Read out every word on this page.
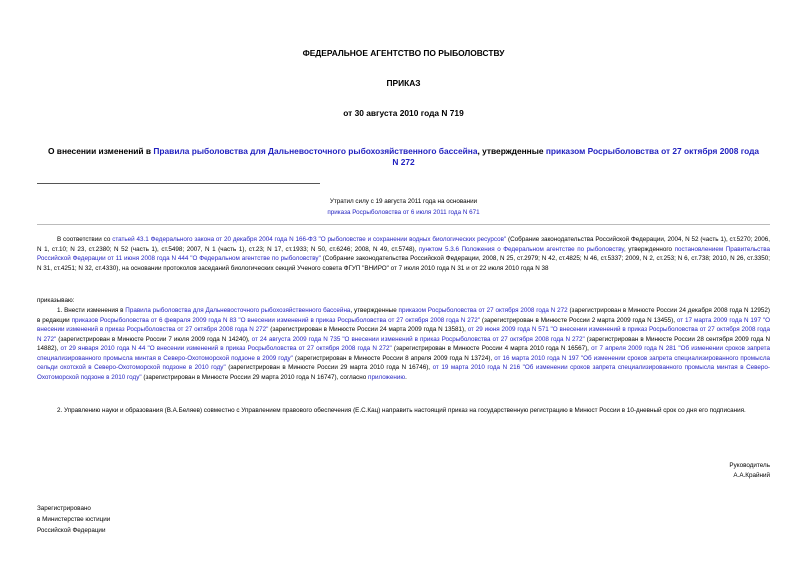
ФЕДЕРАЛЬНОЕ АГЕНТСТВО ПО РЫБОЛОВСТВУ
ПРИКАЗ
от 30 августа 2010 года N 719
О внесении изменений в Правила рыболовства для Дальневосточного рыбохозяйственного бассейна, утвержденные приказом Росрыболовства от 27 октября 2008 года N 272
Утратил силу с 19 августа 2011 года на основании
приказа Росрыболовства от 6 июля 2011 года N 671
В соответствии со статьей 43.1 Федерального закона от 20 декабря 2004 года N 166-ФЗ "О рыболовстве и сохранении водных биологических ресурсов" (Собрание законодательства Российской Федерации, 2004, N 52 (часть 1), ст.5270; 2006, N 1, ст.10; N 23, ст.2380; N 52 (часть 1), ст.5498; 2007, N 1 (часть 1), ст.23; N 17, ст.1933; N 50, ст.6246; 2008, N 49, ст.5748), пунктом 5.3.6 Положения о Федеральном агентстве по рыболовству, утвержденного постановлением Правительства Российской Федерации от 11 июня 2008 года N 444 "О Федеральном агентстве по рыболовству" (Собрание законодательства Российской Федерации, 2008, N 25, ст.2979; N 42, ст.4825; N 46, ст.5337; 2009, N 2, ст.253; N 6, ст.738; 2010, N 26, ст.3350; N 31, ст.4251; N 32, ст.4330), на основании протоколов заседаний биологических секций Ученого совета ФГУП "ВНИРО" от 7 июля 2010 года N 31 и от 22 июля 2010 года N 38
приказываю:
1. Внести изменения в Правила рыболовства для Дальневосточного рыбохозяйственного бассейна, утвержденные приказом Росрыболовства от 27 октября 2008 года N 272 (зарегистрирован в Минюсте России 24 декабря 2008 года N 12952) в редакции приказов Росрыболовства от 6 февраля 2009 года N 83 "О внесении изменений в приказ Росрыболовства от 27 октября 2008 года N 272" (зарегистрирован в Минюсте России 2 марта 2009 года N 13455), от 17 марта 2009 года N 197 "О внесении изменений в приказ Росрыболовства от 27 октября 2008 года N 272" (зарегистрирован в Минюсте России 24 марта 2009 года N 13581), от 29 июня 2009 года N 571 "О внесении изменений в приказ Росрыболовства от 27 октября 2008 года N 272" (зарегистрирован в Минюсте России 7 июля 2009 года N 14240), от 24 августа 2009 года N 735 "О внесении изменений в приказ Росрыболовства от 27 октября 2008 года N 272" (зарегистрирован в Минюсте России 28 сентября 2009 года N 14882), от 29 января 2010 года N 44 "О внесении изменений в приказ Росрыболовства от 27 октября 2008 года N 272" (зарегистрирован в Минюсте России 4 марта 2010 года N 16567), от 7 апреля 2009 года N 281 "Об изменении сроков запрета специализированного промысла минтая в Северо-Охотоморской подзоне в 2009 году" (зарегистрирован в Минюсте России 8 апреля 2009 года N 13724), от 16 марта 2010 года N 197 "Об изменении сроков запрета специализированного промысла сельди охотской в Северо-Охотоморской подзоне в 2010 году" (зарегистрирован в Минюсте России 29 марта 2010 года N 16746), от 19 марта 2010 года N 216 "Об изменении сроков запрета специализированного промысла минтая в Северо-Охотоморской подзоне в 2010 году" (зарегистрирован в Минюсте России 29 марта 2010 года N 16747), согласно приложению.
2. Управлению науки и образования (В.А.Беляев) совместно с Управлением правового обеспечения (Е.С.Кац) направить настоящий приказ на государственную регистрацию в Минюст России в 10-дневный срок со дня его подписания.
Руководитель
А.А.Крайний
Зарегистрировано
в Министерстве юстиции
Российской Федерации
